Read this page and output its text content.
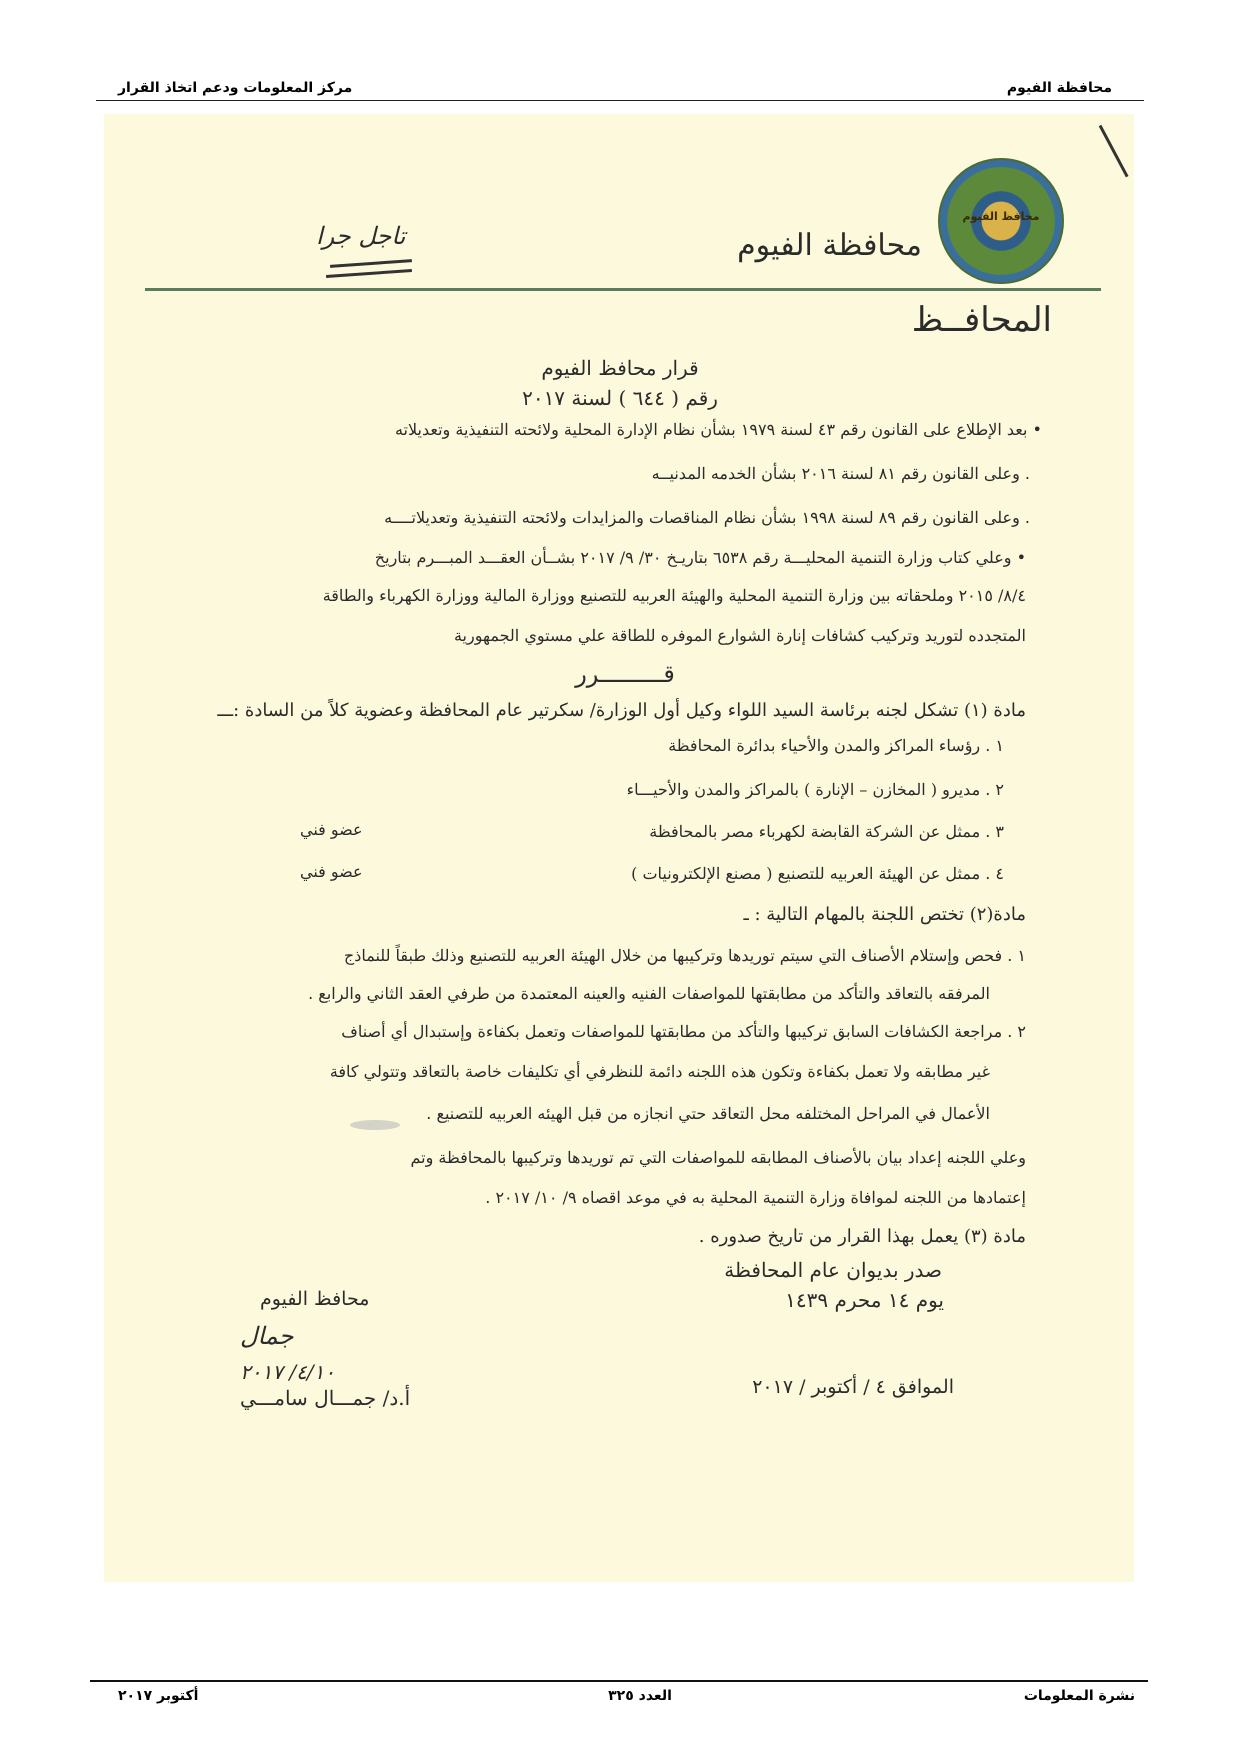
محافظة الفيوم
مركز المعلومات ودعم اتخاذ القرار
محافظ الفيوم
محافظة الفيوم
تاجل جرا
المحافــظ
قرار محافظ الفيوم
رقم ( ٦٤٤ ) لسنة ٢٠١٧
• بعد الإطلاع على القانون رقم ٤٣ لسنة ١٩٧٩ بشأن نظام الإدارة المحلية ولائحته التنفيذية وتعديلاته
. وعلى القانون رقم ٨١ لسنة ٢٠١٦ بشأن الخدمه المدنيــه
. وعلى القانون رقم ٨٩ لسنة ١٩٩٨ بشأن نظام المناقصات والمزايدات ولائحته التنفيذية وتعديلاتــــه
• وعلي كتاب وزارة التنمية المحليـــة رقم ٦٥٣٨ بتاريـخ ٣٠/ ٩/ ٢٠١٧ بشــأن العقـــد المبـــرم بتاريخ
٨/٤/ ٢٠١٥ وملحقاته بين وزارة التنمية المحلية والهيئة العربيه للتصنيع ووزارة المالية ووزارة الكهرباء والطاقة
المتجدده لتوريد وتركيب كشافات إنارة الشوارع الموفره للطاقة علي مستوي الجمهورية
قـــــــــرر
مادة (١) تشكل لجنه برئاسة السيد اللواء وكيل أول الوزارة/ سكرتير عام المحافظة وعضوية كلاً من السادة :ـــ
١ . رؤساء المراكز والمدن والأحياء بدائرة المحافظة
٢ . مديرو ( المخازن – الإنارة ) بالمراكز والمدن والأحيـــاء
٣ . ممثل عن الشركة القابضة لكهرباء مصر بالمحافظة
عضو فني
٤ . ممثل عن الهيئة العربيه للتصنيع ( مصنع الإلكترونيات )
عضو فني
مادة(٢) تختص اللجنة بالمهام التالية : ـ
١ . فحص وإستلام الأصناف التي سيتم توريدها وتركيبها من خلال الهيئة العربيه للتصنيع وذلك طبقاً للنماذج
المرفقه بالتعاقد والتأكد من مطابقتها للمواصفات الفنيه والعينه المعتمدة من طرفي العقد الثاني والرابع .
٢ . مراجعة الكشافات السابق تركيبها والتأكد من مطابقتها للمواصفات وتعمل بكفاءة وإستبدال أي أصناف
غير مطابقه ولا تعمل بكفاءة وتكون هذه اللجنه دائمة للنظرفي أي تكليفات خاصة بالتعاقد وتتولي كافة
الأعمال في المراحل المختلفه محل التعاقد حتي انجازه من قبل الهيئه العربيه للتصنيع .
وعلي اللجنه إعداد بيان بالأصناف المطابقه للمواصفات التي تم توريدها وتركيبها بالمحافظة وتم
إعتمادها من اللجنه لموافاة وزارة التنمية المحلية به في موعد اقصاه ٩/ ١٠/ ٢٠١٧ .
مادة (٣) يعمل بهذا القرار من تاريخ صدوره .
صدر بديوان عام المحافظة
يوم ١٤ محرم ١٤٣٩
الموافق ٤ / أكتوبر / ٢٠١٧
محافظ الفيوم
جمال
٤/١٠/ ٢٠١٧
أ.د/ جمـــال سامـــي
نشرة المعلومات
العدد ٣٢٥
أكتوبر ٢٠١٧
